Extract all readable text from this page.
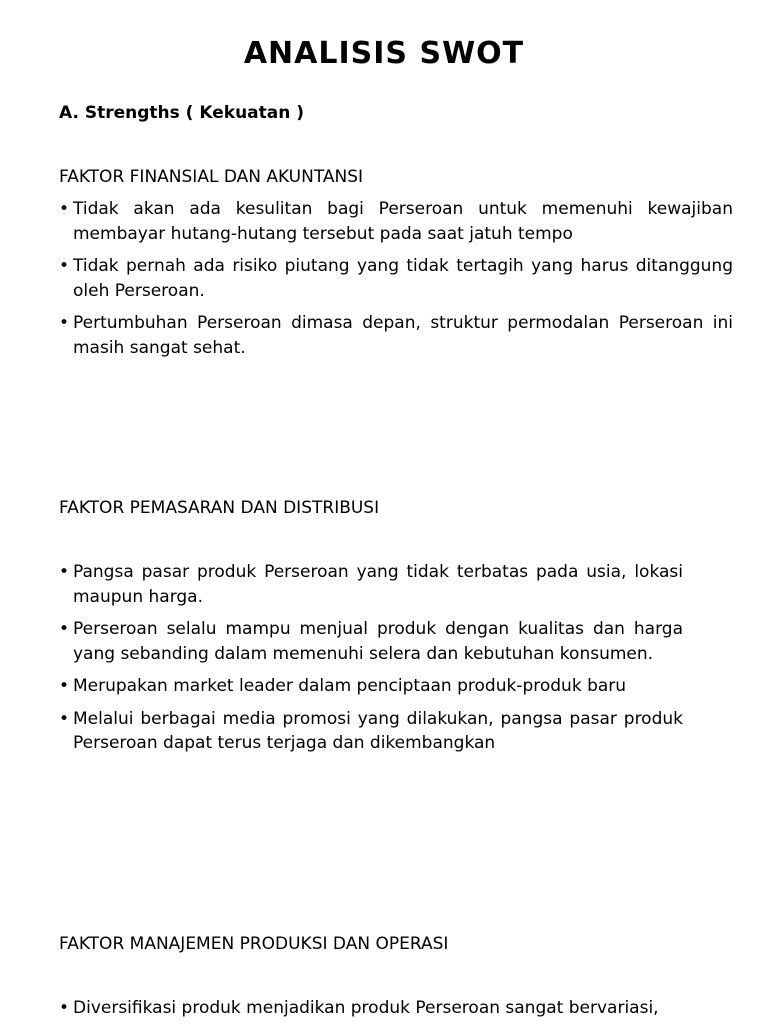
ANALISIS SWOT

A. Strengths ( Kekuatan )

FAKTOR FINANSIAL DAN AKUNTANSI

• Tidak akan ada kesulitan bagi Perseroan untuk memenuhi kewajiban membayar hutang-hutang tersebut pada saat jatuh tempo
• Tidak pernah ada risiko piutang yang tidak tertagih yang harus ditanggung oleh Perseroan.
• Pertumbuhan Perseroan dimasa depan, struktur permodalan Perseroan ini masih sangat sehat.

FAKTOR PEMASARAN DAN DISTRIBUSI

• Pangsa pasar produk Perseroan yang tidak terbatas pada usia, lokasi maupun harga.
• Perseroan selalu mampu menjual produk dengan kualitas dan harga yang sebanding dalam memenuhi selera dan kebutuhan konsumen.
• Merupakan market leader dalam penciptaan produk-produk baru
• Melalui berbagai media promosi yang dilakukan, pangsa pasar produk Perseroan dapat terus terjaga dan dikembangkan

FAKTOR MANAJEMEN PRODUKSI DAN OPERASI

• Diversifikasi produk menjadikan produk Perseroan sangat bervariasi,
